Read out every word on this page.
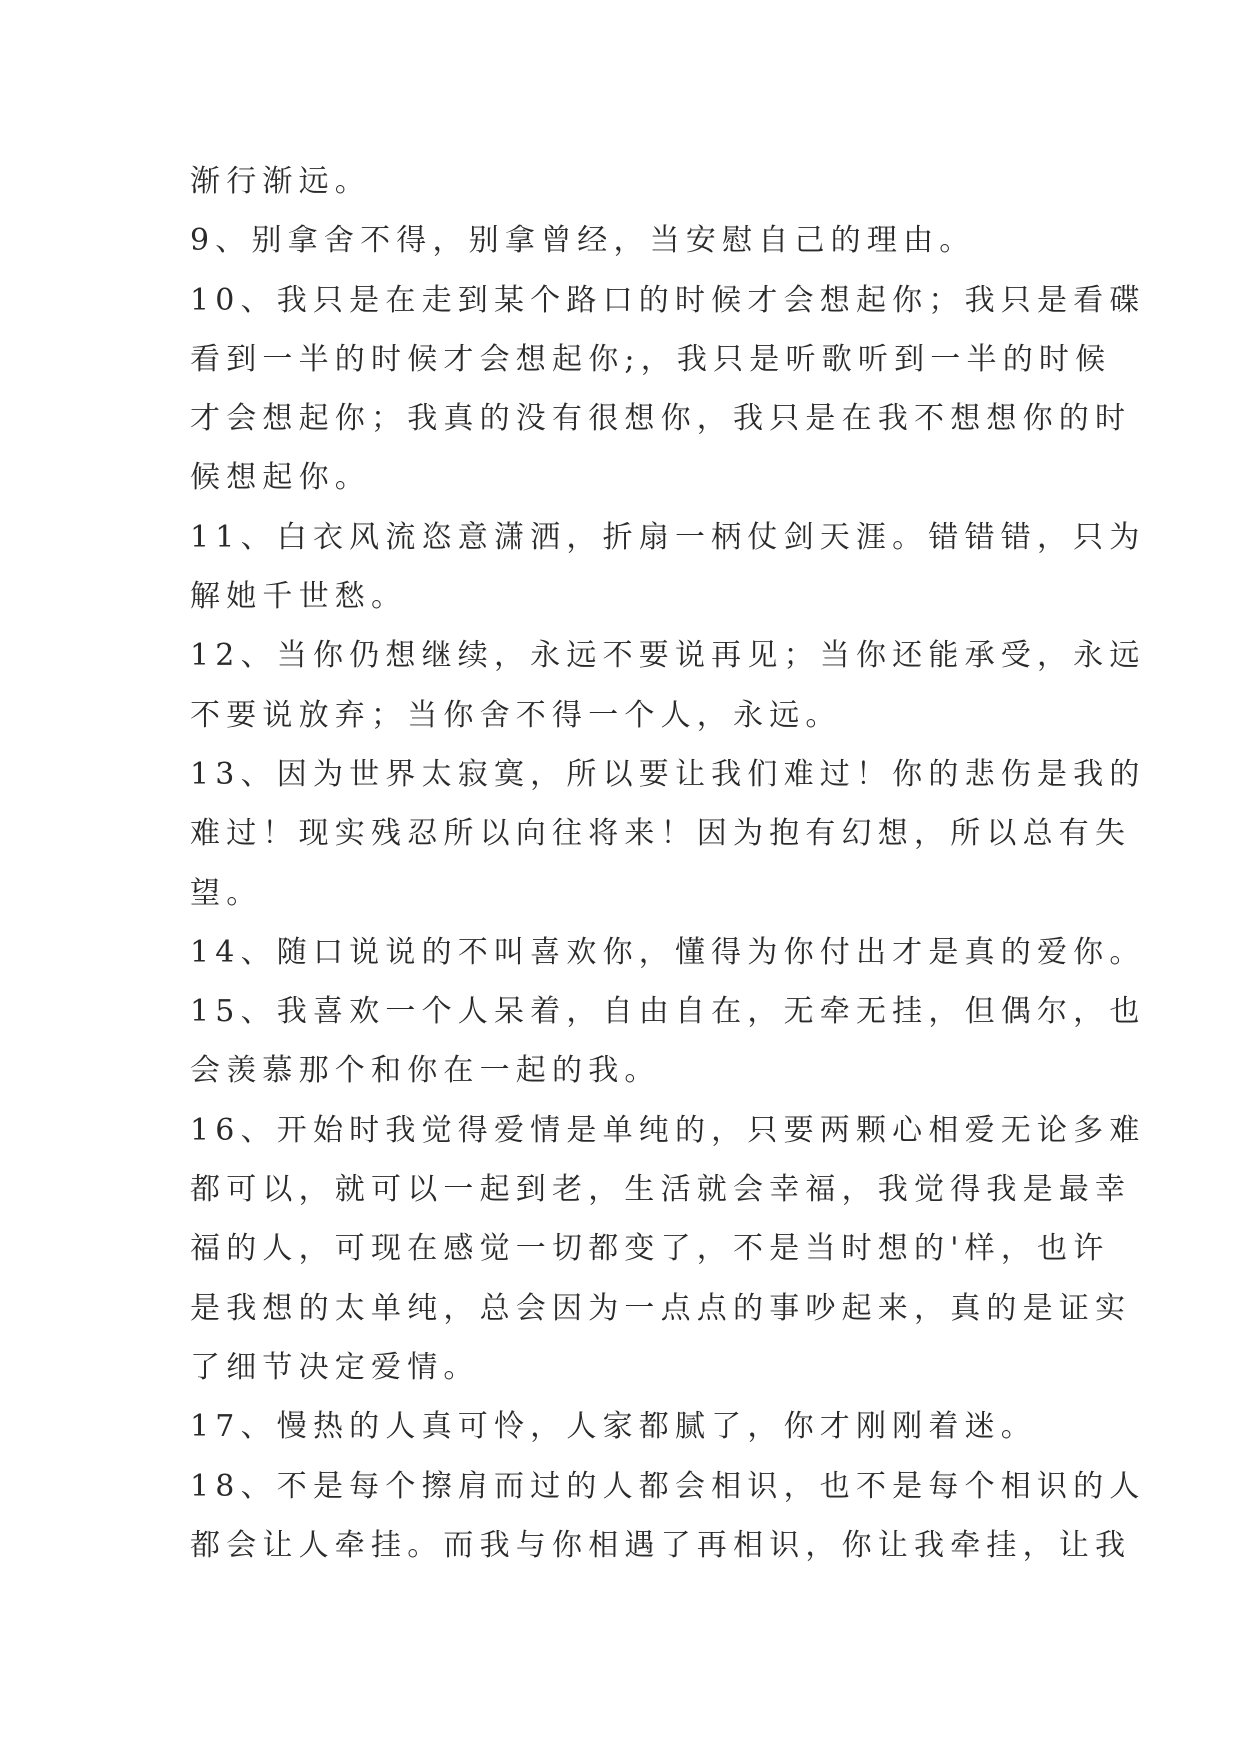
渐行渐远。

9、别拿舍不得，别拿曾经，当安慰自己的理由。

10、我只是在走到某个路口的时候才会想起你；我只是看碟

看到一半的时候才会想起你;，我只是听歌听到一半的时候

才会想起你；我真的没有很想你，我只是在我不想想你的时

候想起你。

11、白衣风流恣意潇洒，折扇一柄仗剑天涯。错错错，只为

解她千世愁。

12、当你仍想继续，永远不要说再见；当你还能承受，永远

不要说放弃；当你舍不得一个人，永远。

13、因为世界太寂寞，所以要让我们难过！你的悲伤是我的

难过！现实残忍所以向往将来！因为抱有幻想，所以总有失

望。

14、随口说说的不叫喜欢你，懂得为你付出才是真的爱你。

15、我喜欢一个人呆着，自由自在，无牵无挂，但偶尔，也

会羡慕那个和你在一起的我。

16、开始时我觉得爱情是单纯的，只要两颗心相爱无论多难

都可以，就可以一起到老，生活就会幸福，我觉得我是最幸

福的人，可现在感觉一切都变了，不是当时想的'样，也许

是我想的太单纯，总会因为一点点的事吵起来，真的是证实

了细节决定爱情。

17、慢热的人真可怜，人家都腻了，你才刚刚着迷。

18、不是每个擦肩而过的人都会相识，也不是每个相识的人

都会让人牵挂。而我与你相遇了再相识，你让我牵挂，让我
